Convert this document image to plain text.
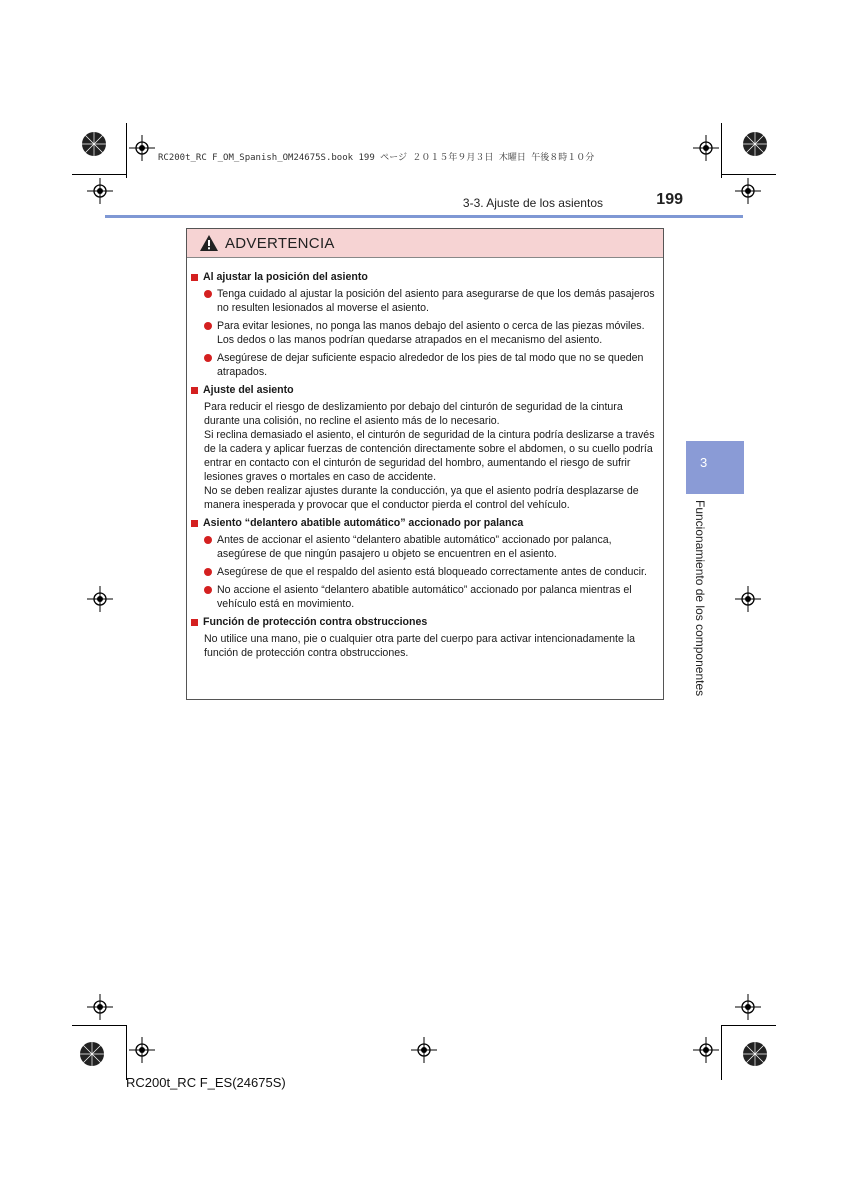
RC200t_RC F_OM_Spanish_OM24675S.book 199 ページ ２０１５年９月３日 木曜日 午後８時１０分
3-3. Ajuste de los asientos	199
3
Funcionamiento de los componentes
ADVERTENCIA
Al ajustar la posición del asiento
Tenga cuidado al ajustar la posición del asiento para asegurarse de que los demás pasajeros no resulten lesionados al moverse el asiento.
Para evitar lesiones, no ponga las manos debajo del asiento o cerca de las piezas móviles. Los dedos o las manos podrían quedarse atrapados en el mecanismo del asiento.
Asegúrese de dejar suficiente espacio alrededor de los pies de tal modo que no se queden atrapados.
Ajuste del asiento

Para reducir el riesgo de deslizamiento por debajo del cinturón de seguridad de la cintura durante una colisión, no recline el asiento más de lo necesario.

Si reclina demasiado el asiento, el cinturón de seguridad de la cintura podría deslizarse a través de la cadera y aplicar fuerzas de contención directamente sobre el abdomen, o su cuello podría entrar en contacto con el cinturón de seguridad del hombro, aumentando el riesgo de sufrir lesiones graves o mortales en caso de accidente.

No se deben realizar ajustes durante la conducción, ya que el asiento podría desplazarse de manera inesperada y provocar que el conductor pierda el control del vehículo.

Asiento “delantero abatible automático” accionado por palanca
Antes de accionar el asiento “delantero abatible automático” accionado por palanca, asegúrese de que ningún pasajero u objeto se encuentren en el asiento.
Asegúrese de que el respaldo del asiento está bloqueado correctamente antes de conducir.
No accione el asiento “delantero abatible automático” accionado por palanca mientras el vehículo está en movimiento.
Función de protección contra obstrucciones

No utilice una mano, pie o cualquier otra parte del cuerpo para activar intencionadamente la función de protección contra obstrucciones.

RC200t_RC F_ES(24675S)
